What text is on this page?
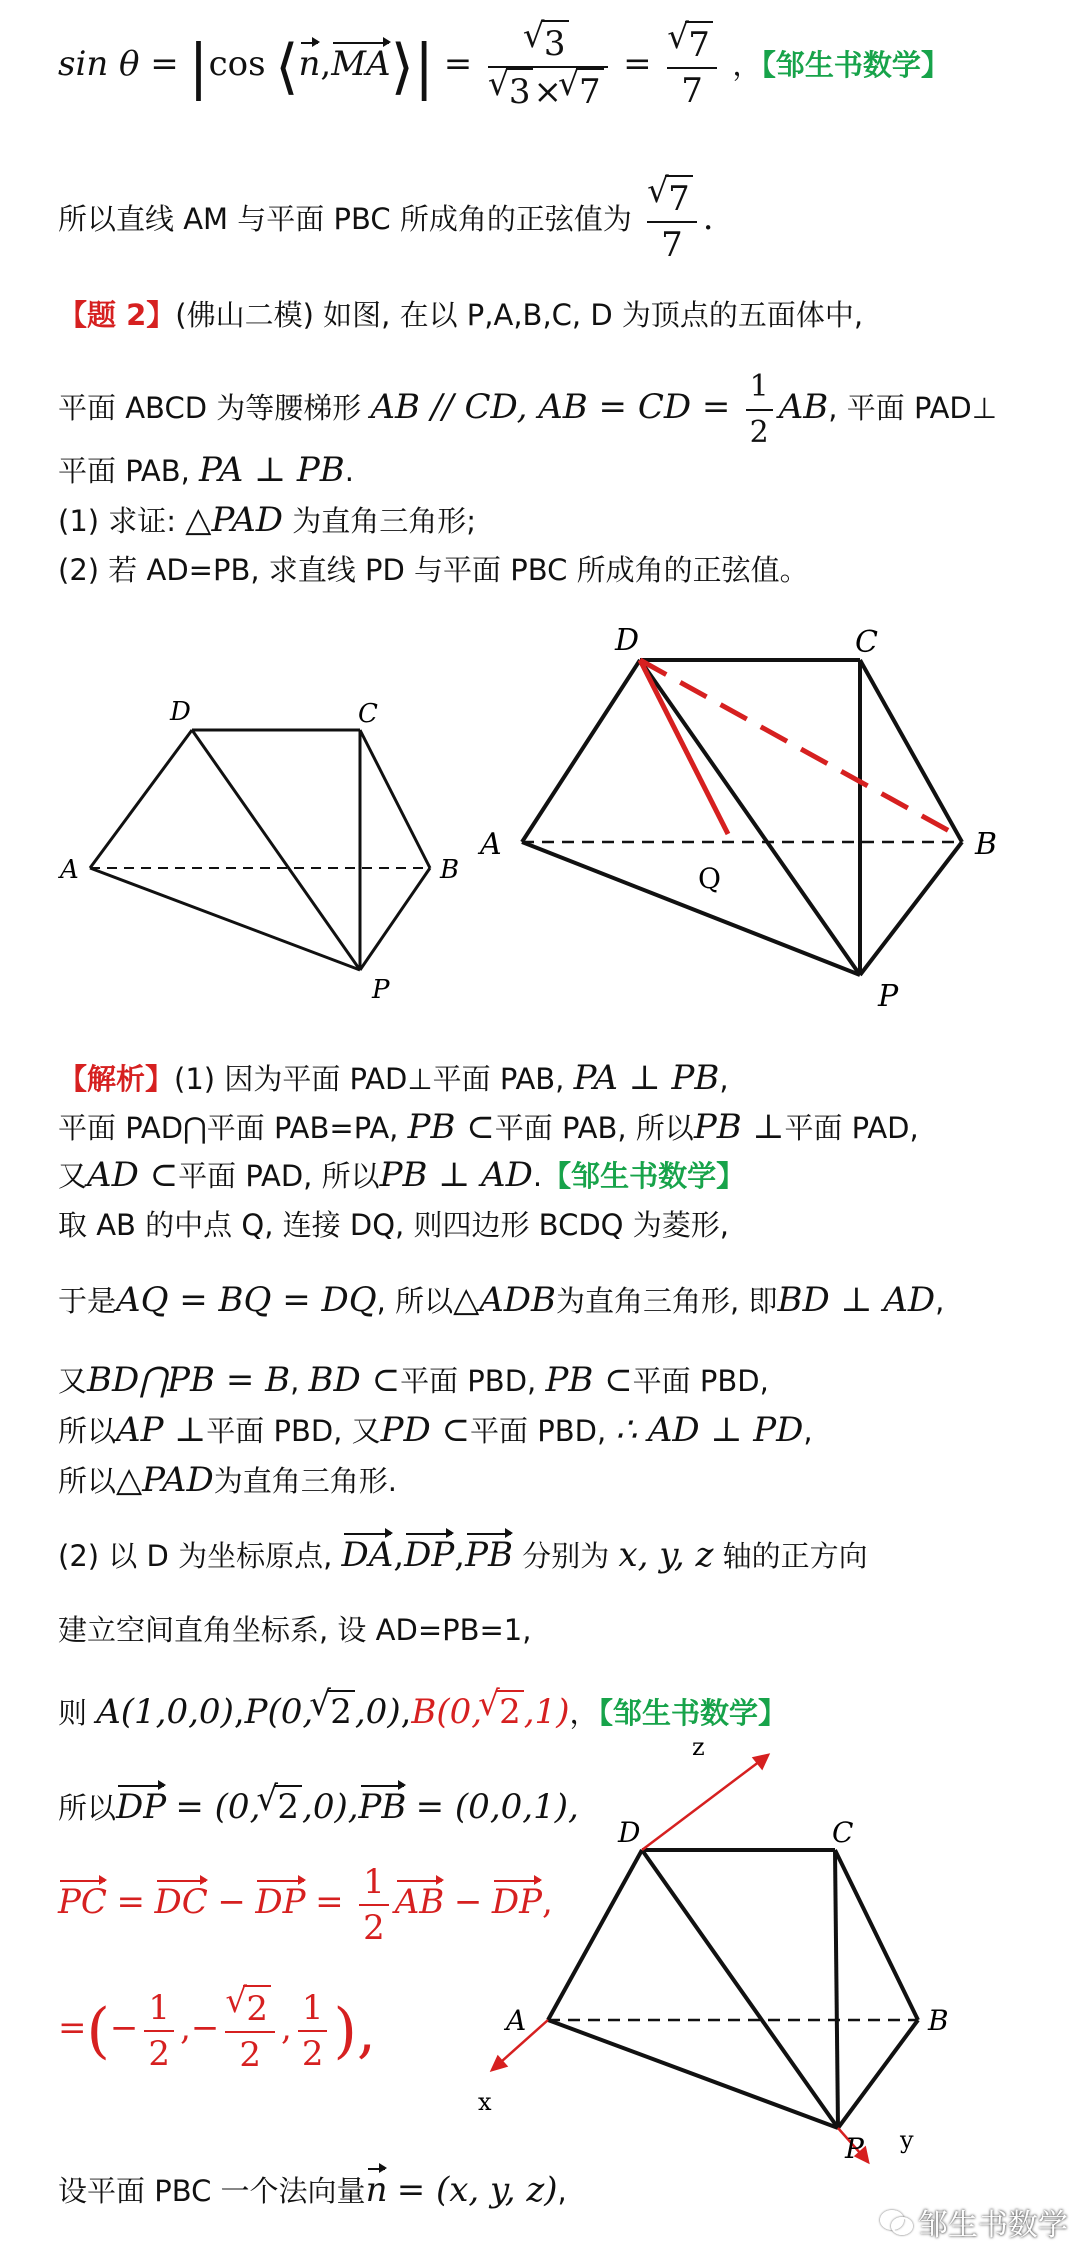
sin θ = |cos ⟨n,MA⟩| = √ 3
√ 3× √ 7 = √ $\frac{7}{7}$ ，【邹生书数学】
所以直线 AM 与平面 PBC 所成角的正弦值为 √ $\frac{7}{7}$ .
【题 2】(佛山二模) 如图, 在以 P,A,B,C, D 为顶点的五面体中,
平面 ABCD 为等腰梯形 AB // CD, AB = CD = $\frac{1}{2}$ AB, 平面 PAD⊥
平面 PAB, PA ⊥ PB.
(1) 求证: △PAD 为直角三角形;
(2) 若 AD=PB, 求直线 PD 与平面 PBC 所成角的正弦值。
D	C
A	B
P
D	C
A	B
Q
P
【解析】(1) 因为平面 PAD⊥平面 PAB, PA ⊥ PB,
平面 PAD⋂平面 PAB=PA, PB ⊂平面 PAB, 所以PB ⊥平面 PAD,
又AD ⊂平面 PAD, 所以PB ⊥ AD.【邹生书数学】
取 AB 的中点 Q, 连接 DQ, 则四边形 BCDQ 为菱形,
于是AQ = BQ = DQ, 所以△ADB为直角三角形, 即BD ⊥ AD,
又BD⋂PB = B, BD ⊂平面 PBD, PB ⊂平面 PBD,
所以AP ⊥平面 PBD, 又PD ⊂平面 PBD, ∴ AD ⊥ PD,
所以△PAD为直角三角形.
(2) 以 D 为坐标原点, DA,DP,PB 分别为 x, y, z 轴的正方向
建立空间直角坐标系, 设 AD=PB=1,
则 A(1,0,0),P(0, √ 2,0),B(0, √ 2,1)，【邹生书数学】
所以DP = (0, √ 2,0),PB = (0,0,1),
PC = DC − DP = $\frac{1}{2}$ AB − DP,
=(− $\frac{1}{2}$ ,− √ $\frac{2}{2}$ , $\frac{1}{2}$ ),
设平面 PBC 一个法向量n = (x, y, z),
z
x
y
D	C
A	B
P
邹生书数学
